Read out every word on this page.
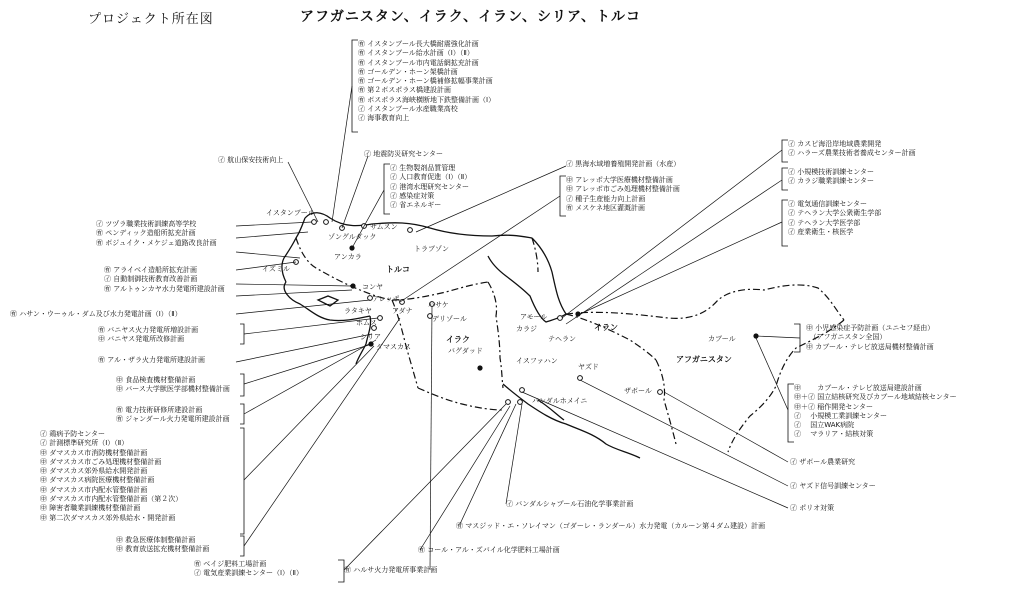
プロジェクト所在図	アフガニスタン、イラク、イラン、シリア、トルコ
トルコ
イラク
イラン
アフガニスタン
イスタンブール
ゾングルダック
アンカラ
サムスン
トラブゾン
イズミル
コンヤ
アダナ
アレッポ
ラタキヤ
ホムス
ダマスカス
ハサケ
デリゾール
バグダッド
アモール
カラジ
テヘラン
イスファハン
ヤズド
ザボール
カブール
バンダルホメイニ
㊒ イスタンブール長大橋耐震強化計画
㊒ イスタンブール給水計画（Ⅰ）（Ⅱ）
㊒ イスタンブール市内電話網拡充計画
㊒ ゴールデン・ホーン架橋計画
㊒ ゴールデン・ホーン橋補修拡幅事業計画
㊒ 第２ボスポラス橋建設計画
㊒ ボスポラス海峡横断地下鉄整備計画（Ⅰ）
㋑ イスタンブール水産職業高校
㋑ 海事教育向上
㋑ 航山保安技術向上
㋑ 地震防災研究センター
㋑ 生物製剤品質管理
㋑ 人口教育促進（Ⅰ）（Ⅱ）
㋑ 港湾水理研究センター
㋑ 感染症対策
㋑ 省エネルギー
㋑ 黒海水域増養殖開発計画（水産）
㊥ アレッポ大学医療機材整備計画
㊥ アレッポ市ごみ処理機材整備計画
㋑ 種子生産能力向上計画
㊒ メスケネ地区灌漑計画
㋑ カスピ海沿岸地域農業開発
㋑ ハラーズ農業技術者養成センター計画
㋑ 小規模技術訓練センター
㋑ カラジ職業訓練センター
㋑ 電気通信訓練センター
㋑ テヘラン大学公衆衛生学部
㋑ テヘラン大学医学部
㋑ 産業衛生・核医学
㊥ 小児感染症予防計画（ユニセフ経由）
　（アフガニスタン全国）
㊥ カブール・テレビ放送局機材整備計画
㊥ 　　カブール・テレビ放送局建設計画
㊥＋㋑ 国立結核研究及びカブール地域結核センター
㊥＋㋑ 稲作開発センター
㋑ 　小規模工業訓練センター
㋑ 　国立WAK病院
㋑ 　マラリア・結核対策
㋑ ザボール農業研究
㋑ ヤズド信号訓練センター
㋑ ポリオ対策
㋑ バンダルシャプール石油化学事業計画
㊒ マスジッド・エ・ソレイマン（ゴダーレ・ランダール）水力発電（カルーン第４ダム建設）計画
㊒ コール・アル・ズバイル化学肥料工場計画
㊒ ハルサ火力発電所事業計画
㊒ ベイジ肥料工場計画
㋑ 電気産業訓練センター（Ⅰ）（Ⅱ）
㋑ ツヅラ職業技術訓練高等学校
㊒ ペンディック造船所拡充計画
㊒ ボジュイク・メケジェ道路改良計画
㊒ アライベイ造船所拡充計画
㋑ 自動制御技術教育改善計画
㊒ アルトゥンカヤ水力発電所建設計画
㊒ ハサン・ウーゥル・ダム及び水力発電計画（Ⅰ）（Ⅱ）
㊒ バニヤス火力発電所増設計画
㊥ バニヤス発電所改修計画
㊒ アル・ザラ火力発電所建設計画
㊥ 食品検査機材整備計画
㊥ バース大学獣医学部機材整備計画
㊒ 電力技術研修所建設計画
㊒ ジャンダール火力発電所建設計画
㋑ 鶏病予防センター
㋑ 計測標準研究所（Ⅰ）（Ⅱ）
㊥ ダマスカス市消防機材整備計画
㊥ ダマスカス市ごみ処理機材整備計画
㊥ ダマスカス郊外県給水開発計画
㊥ ダマスカス病院医療機材整備計画
㊥ ダマスカス市内配水管整備計画
㊥ ダマスカス市内配水管整備計画（第２次）
㊥ 障害者職業訓練機材整備計画
㊥ 第二次ダマスカス郊外県給水・開発計画
㊥ 救急医療体制整備計画
㊥ 教育放送拡充機材整備計画
シリア
